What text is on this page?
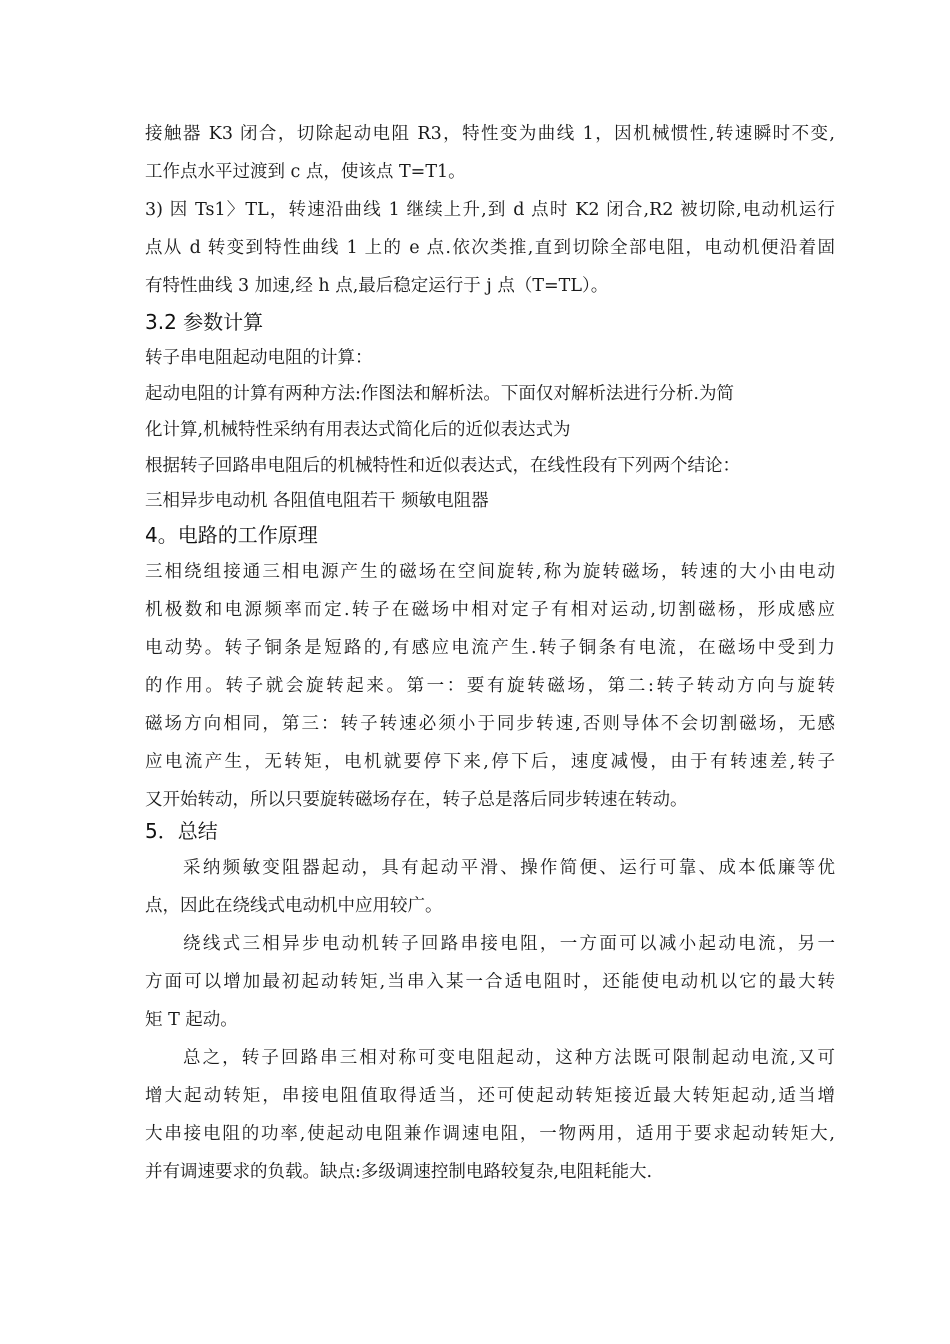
接触器 K3 闭合，切除起动电阻 R3，特性变为曲线 1，因机械惯性,转速瞬时不变,
工作点水平过渡到 c 点，使该点 T=T1。
3) 因 Ts1〉TL，转速沿曲线 1 继续上升,到 d 点时 K2 闭合,R2 被切除,电动机运行
点从 d 转变到特性曲线 1 上的 e 点.依次类推,直到切除全部电阻，电动机便沿着固
有特性曲线 3 加速,经 h 点,最后稳定运行于 j 点（T=TL）。
3.2 参数计算
转子串电阻起动电阻的计算：
起动电阻的计算有两种方法:作图法和解析法。下面仅对解析法进行分析.为简
化计算,机械特性采纳有用表达式简化后的近似表达式为
根据转子回路串电阻后的机械特性和近似表达式，在线性段有下列两个结论：
三相异步电动机 各阻值电阻若干 频敏电阻器
4。电路的工作原理
三相绕组接通三相电源产生的磁场在空间旋转,称为旋转磁场，转速的大小由电动
机极数和电源频率而定.转子在磁场中相对定子有相对运动,切割磁杨，形成感应
电动势。转子铜条是短路的,有感应电流产生.转子铜条有电流，在磁场中受到力
的作用。转子就会旋转起来。第一：要有旋转磁场，第二:转子转动方向与旋转
磁场方向相同，第三：转子转速必须小于同步转速,否则导体不会切割磁场，无感
应电流产生，无转矩，电机就要停下来,停下后，速度减慢，由于有转速差,转子
又开始转动，所以只要旋转磁场存在，转子总是落后同步转速在转动。
5．总结
采纳频敏变阻器起动，具有起动平滑、操作简便、运行可靠、成本低廉等优
点，因此在绕线式电动机中应用较广。
绕线式三相异步电动机转子回路串接电阻，一方面可以减小起动电流，另一
方面可以增加最初起动转矩,当串入某一合适电阻时，还能使电动机以它的最大转
矩 T 起动。
总之，转子回路串三相对称可变电阻起动，这种方法既可限制起动电流,又可
增大起动转矩，串接电阻值取得适当，还可使起动转矩接近最大转矩起动,适当增
大串接电阻的功率,使起动电阻兼作调速电阻，一物两用，适用于要求起动转矩大,
并有调速要求的负载。缺点:多级调速控制电路较复杂,电阻耗能大.
